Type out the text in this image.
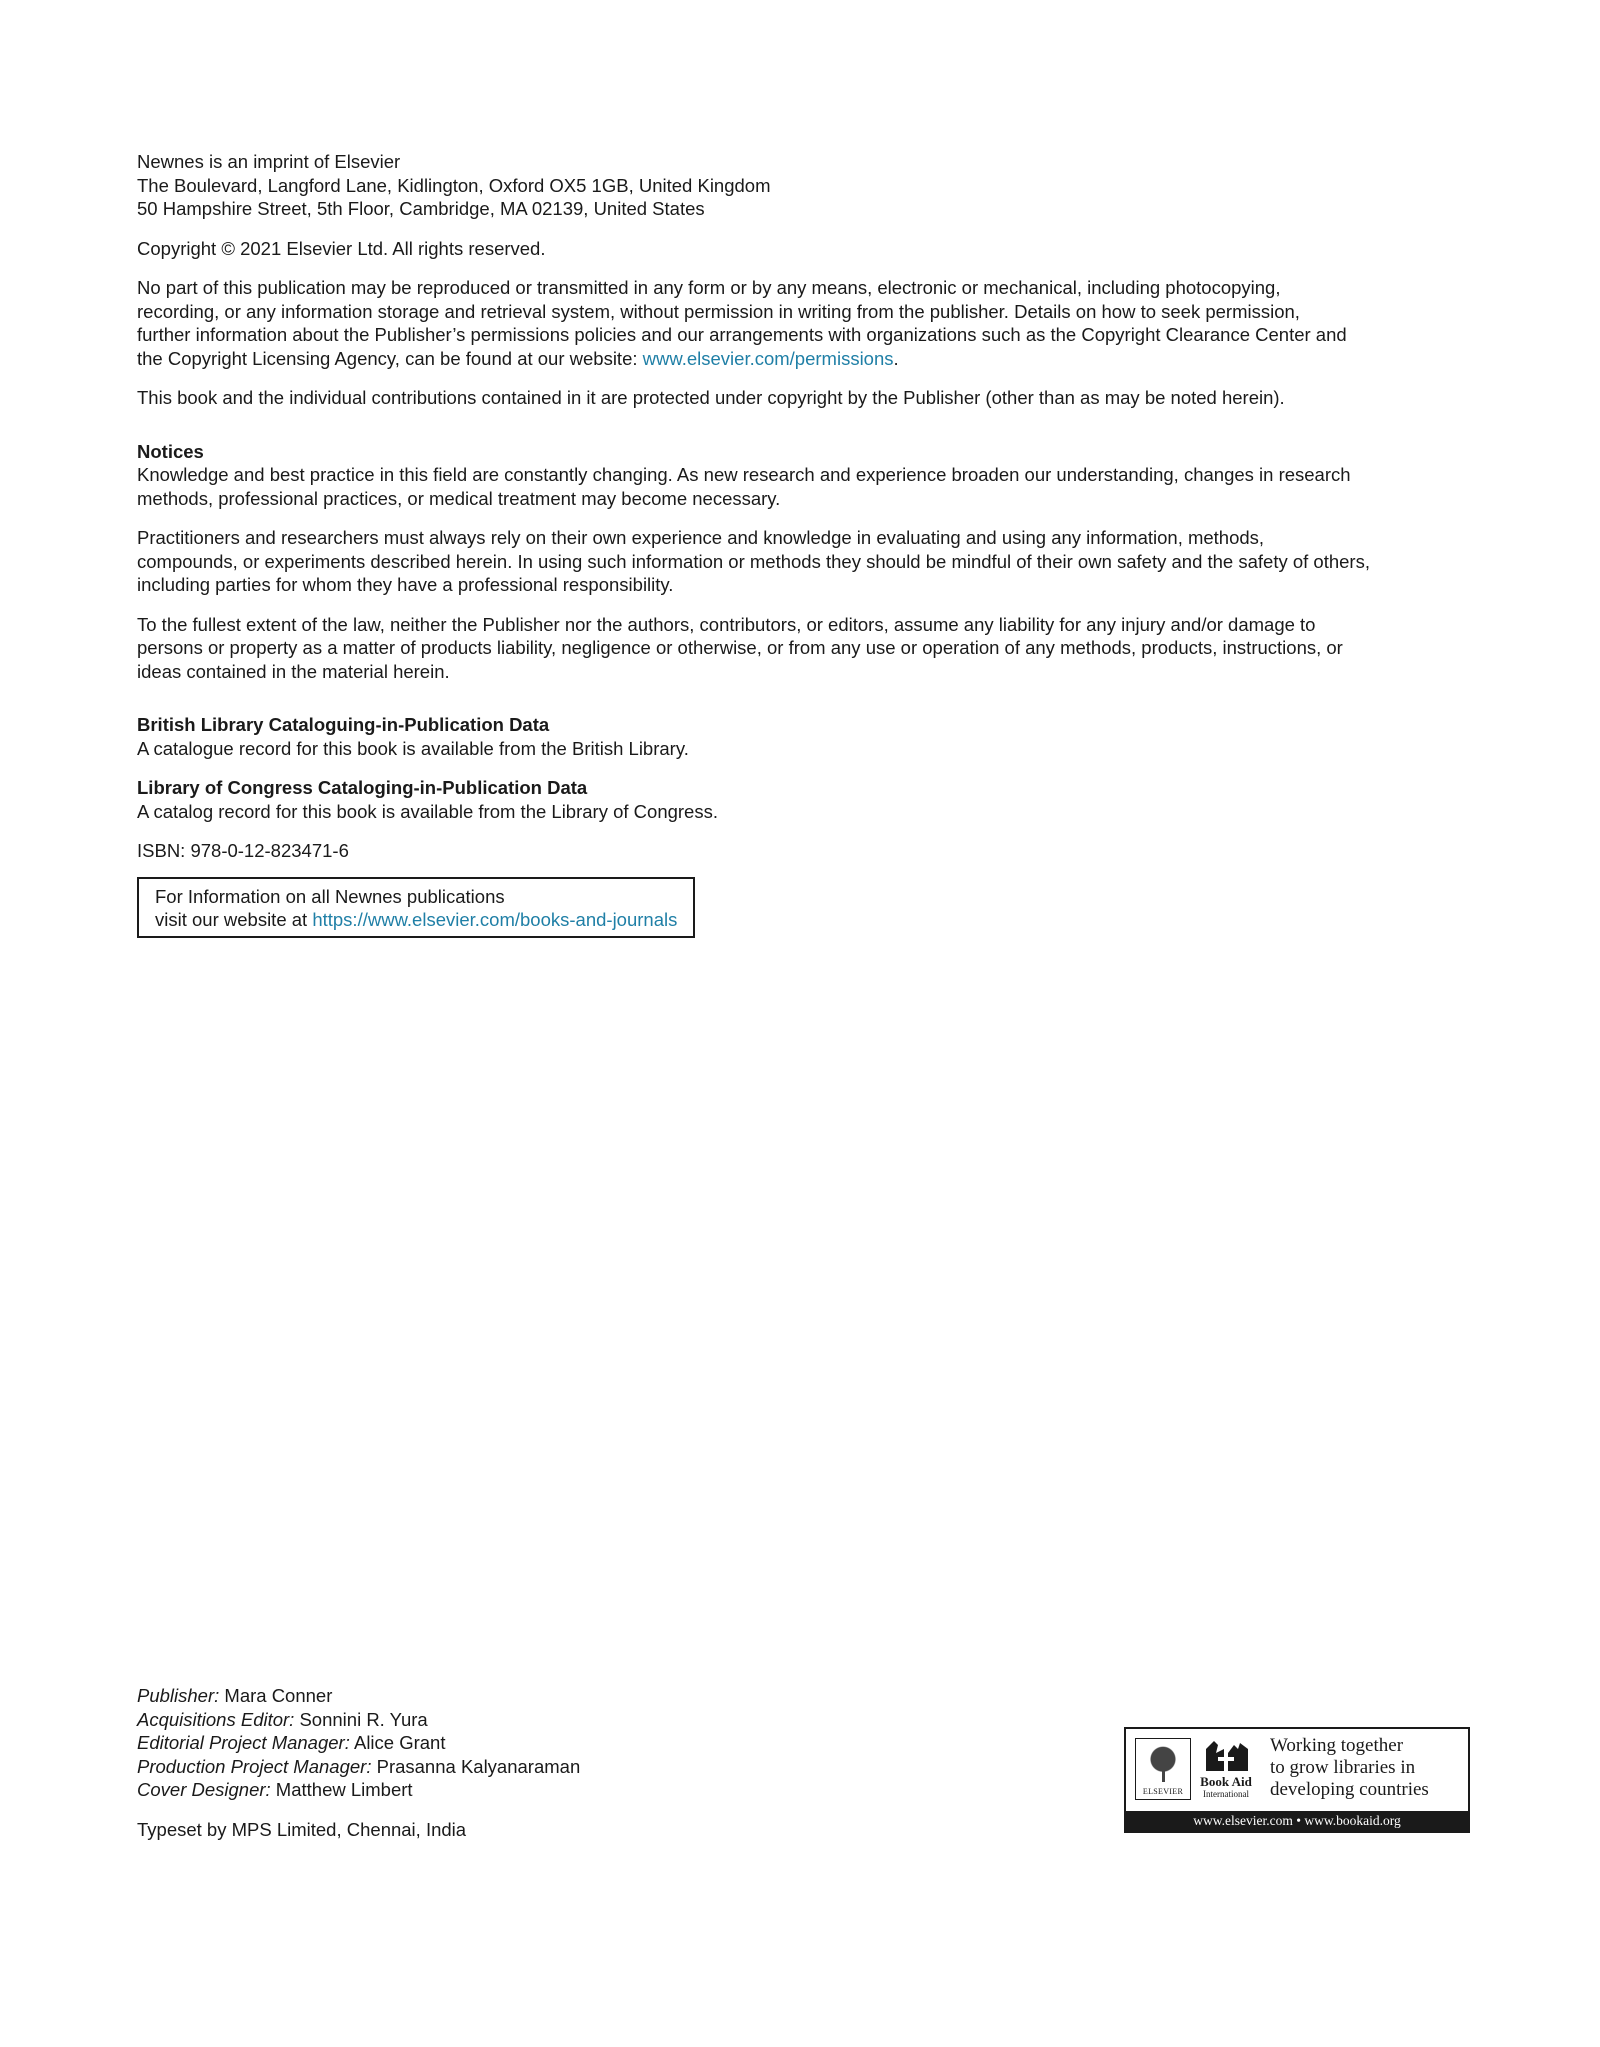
Newnes is an imprint of Elsevier

The Boulevard, Langford Lane, Kidlington, Oxford OX5 1GB, United Kingdom

50 Hampshire Street, 5th Floor, Cambridge, MA 02139, United States

Copyright © 2021 Elsevier Ltd. All rights reserved.

No part of this publication may be reproduced or transmitted in any form or by any means, electronic or mechanical, including photocopying,

recording, or any information storage and retrieval system, without permission in writing from the publisher. Details on how to seek permission,

further information about the Publisher’s permissions policies and our arrangements with organizations such as the Copyright Clearance Center and

the Copyright Licensing Agency, can be found at our website: www.elsevier.com/permissions.

This book and the individual contributions contained in it are protected under copyright by the Publisher (other than as may be noted herein).

Notices

Knowledge and best practice in this field are constantly changing. As new research and experience broaden our understanding, changes in research

methods, professional practices, or medical treatment may become necessary.

Practitioners and researchers must always rely on their own experience and knowledge in evaluating and using any information, methods,

compounds, or experiments described herein. In using such information or methods they should be mindful of their own safety and the safety of others,

including parties for whom they have a professional responsibility.

To the fullest extent of the law, neither the Publisher nor the authors, contributors, or editors, assume any liability for any injury and/or damage to

persons or property as a matter of products liability, negligence or otherwise, or from any use or operation of any methods, products, instructions, or

ideas contained in the material herein.

British Library Cataloguing-in-Publication Data

A catalogue record for this book is available from the British Library.

Library of Congress Cataloging-in-Publication Data

A catalog record for this book is available from the Library of Congress.

ISBN: 978-0-12-823471-6

For Information on all Newnes publications

visit our website at https://www.elsevier.com/books-and-journals

Publisher: Mara Conner

Acquisitions Editor: Sonnini R. Yura

Editorial Project Manager: Alice Grant

Production Project Manager: Prasanna Kalyanaraman

Cover Designer: Matthew Limbert

Typeset by MPS Limited, Chennai, India

ELSEVIER
Book Aid
International
Working together
to grow libraries in
developing countries
www.elsevier.com • www.bookaid.org
